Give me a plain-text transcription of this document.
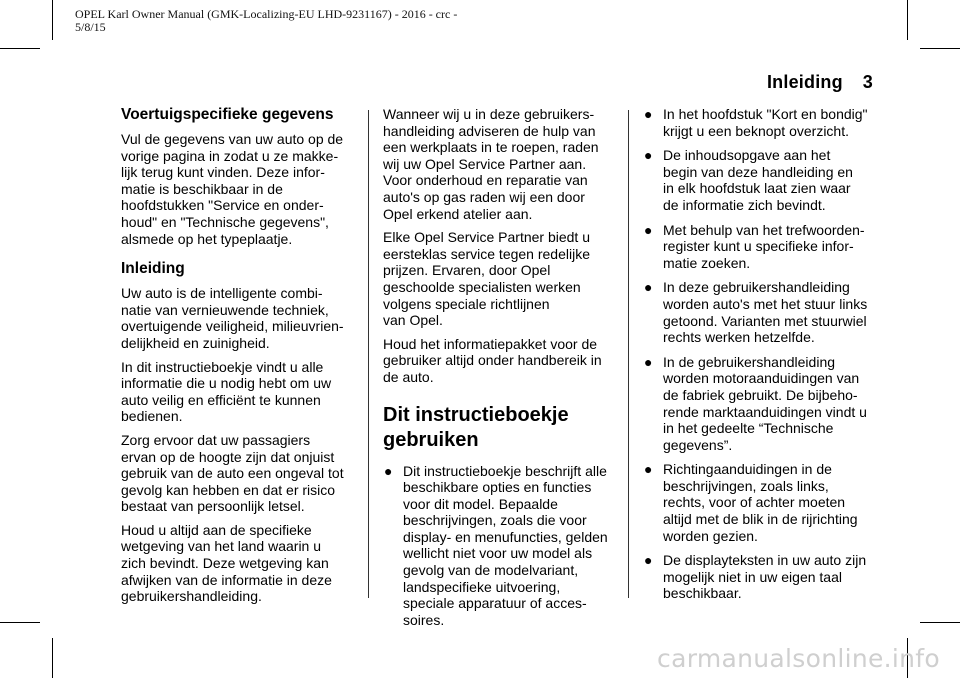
OPEL Karl Owner Manual (GMK-Localizing-EU LHD-9231167) - 2016 - crc -
5/8/15
Inleiding 3
Voertuigspecifieke gegevens

Vul de gegevens van uw auto op de
vorige pagina in zodat u ze makke-
lijk terug kunt vinden. Deze infor-
matie is beschikbaar in de
hoofdstukken "Service en onder-
houd" en "Technische gegevens",
alsmede op het typeplaatje.

Inleiding

Uw auto is de intelligente combi-
natie van vernieuwende techniek,
overtuigende veiligheid, milieuvrien-
delijkheid en zuinigheid.

In dit instructieboekje vindt u alle
informatie die u nodig hebt om uw
auto veilig en efficiënt te kunnen
bedienen.

Zorg ervoor dat uw passagiers
ervan op de hoogte zijn dat onjuist
gebruik van de auto een ongeval tot
gevolg kan hebben en dat er risico
bestaat van persoonlijk letsel.

Houd u altijd aan de specifieke
wetgeving van het land waarin u
zich bevindt. Deze wetgeving kan
afwijken van de informatie in deze
gebruikershandleiding.

Wanneer wij u in deze gebruikers-
handleiding adviseren de hulp van
een werkplaats in te roepen, raden
wij uw Opel Service Partner aan.
Voor onderhoud en reparatie van
auto's op gas raden wij een door
Opel erkend atelier aan.

Elke Opel Service Partner biedt u
eersteklas service tegen redelijke
prijzen. Ervaren, door Opel
geschoolde specialisten werken
volgens speciale richtlijnen
van Opel.

Houd het informatiepakket voor de
gebruiker altijd onder handbereik in
de auto.

Dit instructieboekje
gebruiken
● Dit instructieboekje beschrijft alle
beschikbare opties en functies
voor dit model. Bepaalde
beschrijvingen, zoals die voor
display- en menufuncties, gelden
wellicht niet voor uw model als
gevolg van de modelvariant,
landspecifieke uitvoering,
speciale apparatuur of acces-
soires.
● In het hoofdstuk "Kort en bondig"
krijgt u een beknopt overzicht.
● De inhoudsopgave aan het
begin van deze handleiding en
in elk hoofdstuk laat zien waar
de informatie zich bevindt.
● Met behulp van het trefwoorden-
register kunt u specifieke infor-
matie zoeken.
● In deze gebruikershandleiding
worden auto's met het stuur links
getoond. Varianten met stuurwiel
rechts werken hetzelfde.
● In de gebruikershandleiding
worden motoraanduidingen van
de fabriek gebruikt. De bijbeho-
rende marktaanduidingen vindt u
in het gedeelte “Technische
gegevens”.
● Richtingaanduidingen in de
beschrijvingen, zoals links,
rechts, voor of achter moeten
altijd met de blik in de rijrichting
worden gezien.
● De displayteksten in uw auto zijn
mogelijk niet in uw eigen taal
beschikbaar.
carmanualsonline.info
